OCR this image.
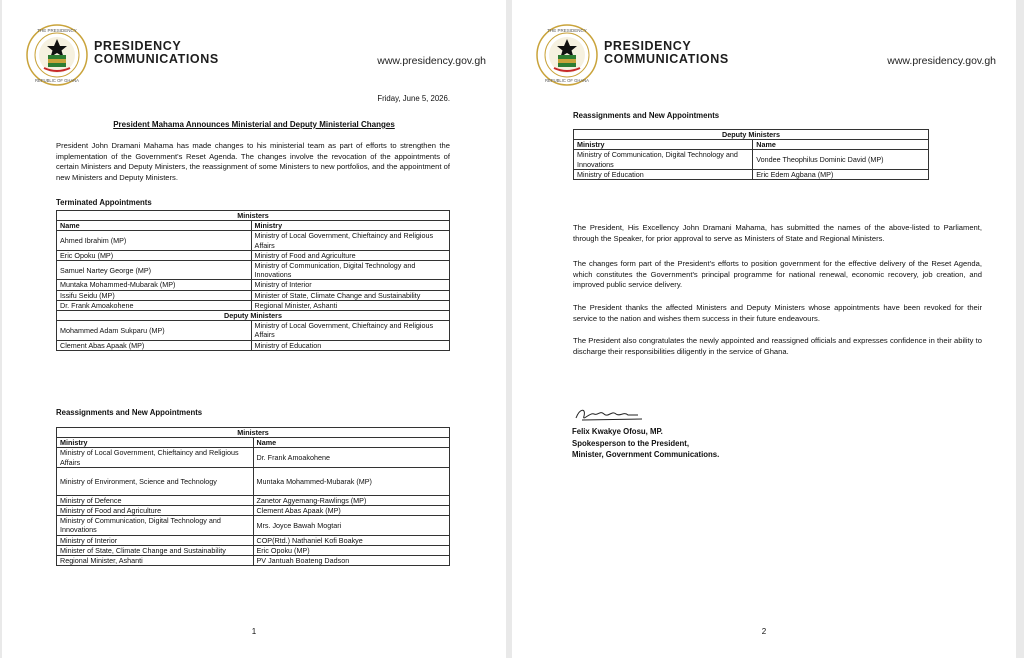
THE PRESIDENCY
REPUBLIC OF GHANA
PRESIDENCY
COMMUNICATIONS	www.presidency.gov.gh
Friday, June 5, 2026.
President Mahama Announces Ministerial and Deputy Ministerial Changes
President John Dramani Mahama has made changes to his ministerial team as part of efforts to strengthen the implementation of the Government's Reset Agenda. The changes involve the revocation of the appointments of certain Ministers and Deputy Ministers, the reassignment of some Ministers to new portfolios, and the appointment of new Ministers and Deputy Ministers.
Terminated Appointments
Ministers	
Name	Ministry
Ahmed Ibrahim (MP)	Ministry of Local Government, Chieftaincy and Religious Affairs
Eric Opoku (MP)	Ministry of Food and Agriculture
Samuel Nartey George (MP)	Ministry of Communication, Digital Technology and Innovations
Muntaka Mohammed-Mubarak (MP)	Ministry of Interior
Issifu Seidu (MP)	Minister of State, Climate Change and Sustainability
Dr. Frank Amoakohene	Regional Minister, Ashanti
Deputy Ministers	
Mohammed Adam Sukparu (MP)	Ministry of Local Government, Chieftaincy and Religious Affairs
Clement Abas Apaak (MP)	Ministry of Education
Reassignments and New Appointments
Ministers	
Ministry	Name
Ministry of Local Government, Chieftaincy and Religious Affairs	Dr. Frank Amoakohene
Ministry of Environment, Science and Technology	Muntaka Mohammed-Mubarak (MP)
Ministry of Defence	Zanetor Agyemang-Rawlings (MP)
Ministry of Food and Agriculture	Clement Abas Apaak (MP)
Ministry of Communication, Digital Technology and Innovations	Mrs. Joyce Bawah Mogtari
Ministry of Interior	COP(Rtd.) Nathaniel Kofi Boakye
Minister of State, Climate Change and Sustainability	Eric Opoku (MP)
Regional Minister, Ashanti	PV Jantuah Boateng Dadson
1
THE PRESIDENCY
REPUBLIC OF GHANA
PRESIDENCY
COMMUNICATIONS	www.presidency.gov.gh
Reassignments and New Appointments
Deputy Ministers	
Ministry	Name
Ministry of Communication, Digital Technology and Innovations	Vondee Theophilus Dominic David (MP)
Ministry of Education	Eric Edem Agbana (MP)
The President, His Excellency John Dramani Mahama, has submitted the names of the above-listed to Parliament, through the Speaker, for prior approval to serve as Ministers of State and Regional Ministers.
The changes form part of the President's efforts to position government for the effective delivery of the Reset Agenda, which constitutes the Government's principal programme for national renewal, economic recovery, job creation, and improved public service delivery.
The President thanks the affected Ministers and Deputy Ministers whose appointments have been revoked for their service to the nation and wishes them success in their future endeavours.
The President also congratulates the newly appointed and reassigned officials and expresses confidence in their ability to discharge their responsibilities diligently in the service of Ghana.
Felix Kwakye Ofosu, MP.
Spokesperson to the President,
Minister, Government Communications.
2
